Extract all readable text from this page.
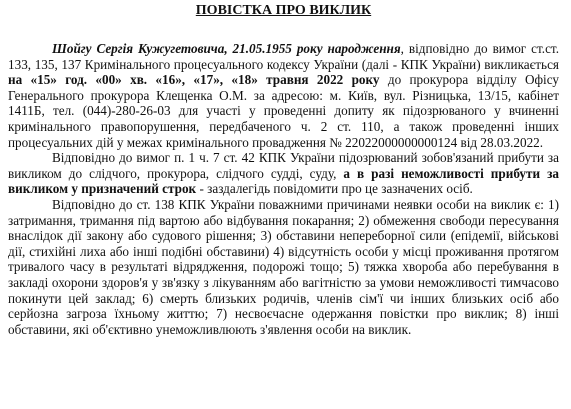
ПОВІСТКА ПРО ВИКЛИК

Шойгу Сергія Кужугетовича, 21.05.1955 року народження, відповідно до вимог ст.ст. 133, 135, 137 Кримінального процесуального кодексу України (далі - КПК України) викликається на «15» год. «00» хв. «16», «17», «18» травня 2022 року до прокурора відділу Офісу Генерального прокурора Клещенка О.М. за адресою: м. Київ, вул. Різницька, 13/15, кабінет 1411Б, тел. (044)-280-26-03 для участі у проведенні допиту як підозрюваного у вчиненні кримінального правопорушення, передбаченого ч. 2 ст. 110, а також проведенні інших процесуальних дій у межах кримінального провадження № 22022000000000124 від 28.03.2022.

Відповідно до вимог п. 1 ч. 7 ст. 42 КПК України підозрюваний зобов'язаний прибути за викликом до слідчого, прокурора, слідчого судді, суду, а в разі неможливості прибути за викликом у призначений строк - заздалегідь повідомити про це зазначених осіб.

Відповідно до ст. 138 КПК України поважними причинами неявки особи на виклик є: 1) затримання, тримання під вартою або відбування покарання; 2) обмеження свободи пересування внаслідок дії закону або судового рішення; 3) обставини непереборної сили (епідемії, військові дії, стихійні лиха або інші подібні обставини) 4) відсутність особи у місці проживання протягом тривалого часу в результаті відрядження, подорожі тощо; 5) тяжка хвороба або перебування в закладі охорони здоров'я у зв'язку з лікуванням або вагітністю за умови неможливості тимчасово покинути цей заклад; 6) смерть близьких родичів, членів сім'ї чи інших близьких осіб або серйозна загроза їхньому життю; 7) несвоєчасне одержання повістки про виклик; 8) інші обставини, які об'єктивно унеможливлюють з'явлення особи на виклик.
